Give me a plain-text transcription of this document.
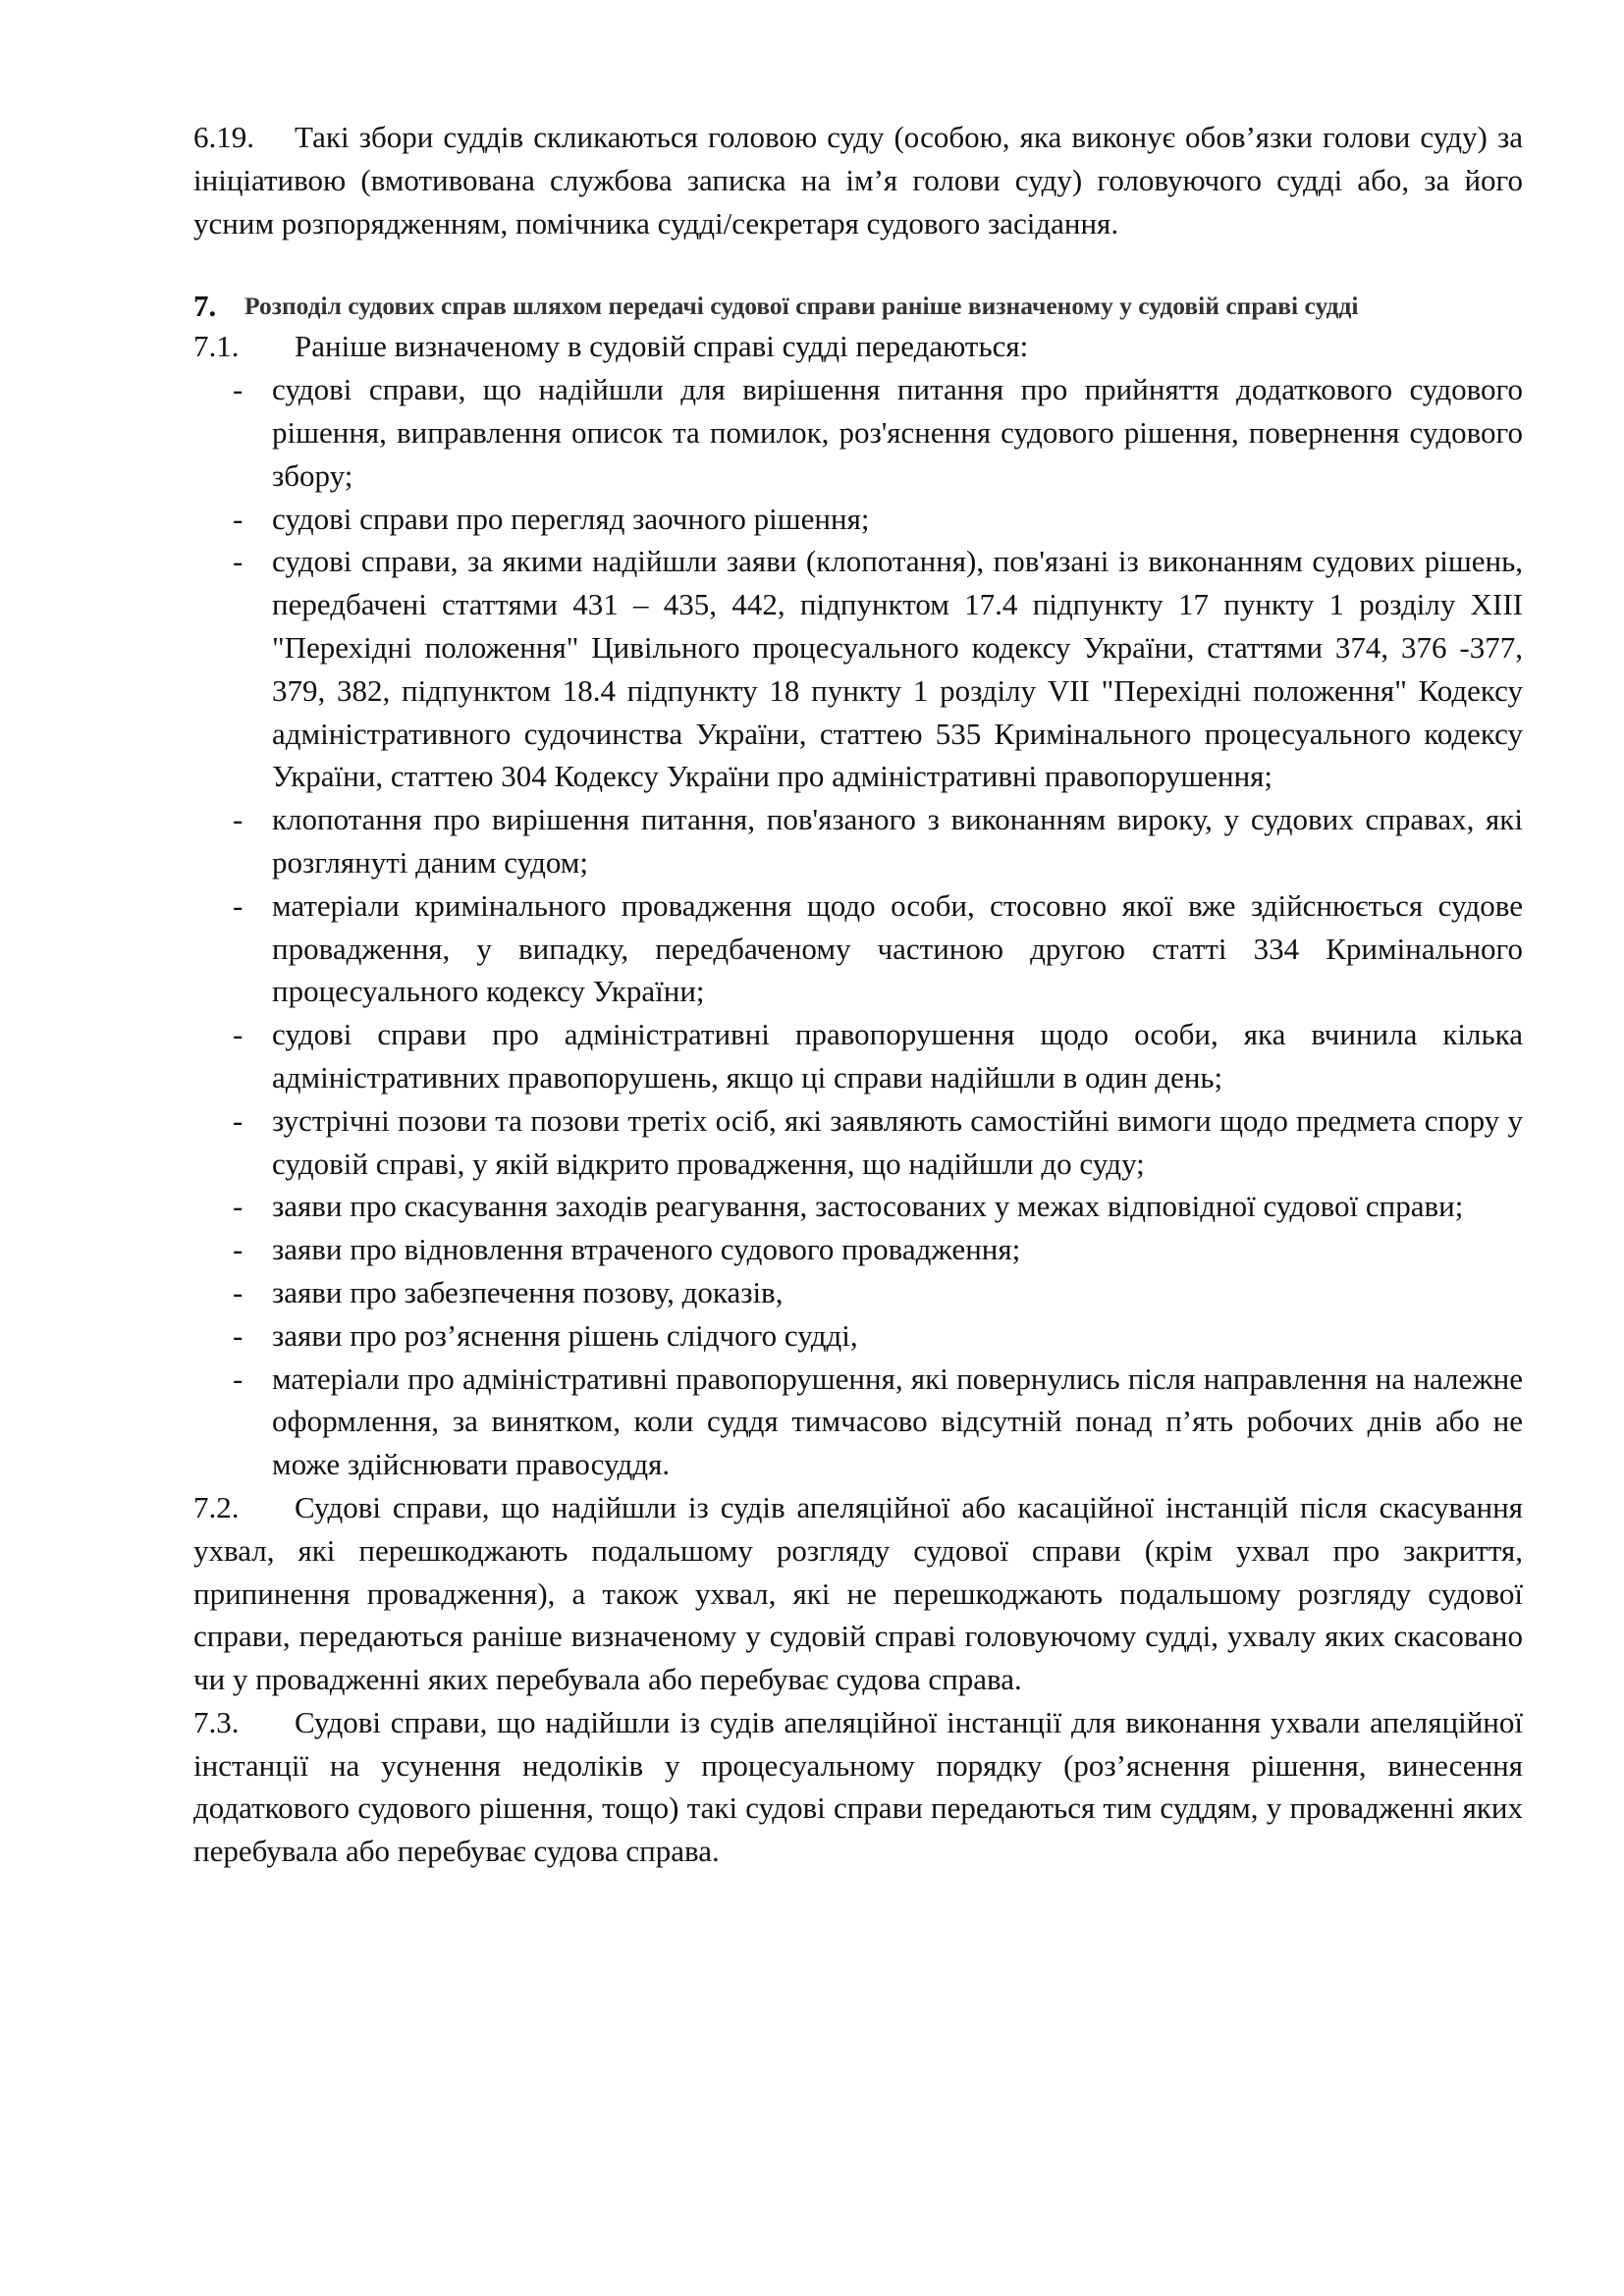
6.19. Такі збори суддів скликаються головою суду (особою, яка виконує обов’язки голови суду) за ініціативою (вмотивована службова записка на ім’я голови суду) головуючого судді або, за його усним розпорядженням, помічника судді/секретаря судового засідання.

7. Розподіл судових справ шляхом передачі судової справи раніше визначеному у судовій справі судді

7.1. Раніше визначеному в судовій справі судді передаються:

- судові справи, що надійшли для вирішення питання про прийняття додаткового судового рішення, виправлення описок та помилок, роз'яснення судового рішення, повернення судового збору;
- судові справи про перегляд заочного рішення;
- судові справи, за якими надійшли заяви (клопотання), пов'язані із виконанням судових рішень, передбачені статтями 431 – 435, 442, підпунктом 17.4 підпункту 17 пункту 1 розділу XIII "Перехідні положення" Цивільного процесуального кодексу України, статтями 374, 376 -377, 379, 382, підпунктом 18.4 підпункту 18 пункту 1 розділу VII "Перехідні положення" Кодексу адміністративного судочинства України, статтею 535 Кримінального процесуального кодексу України, статтею 304 Кодексу України про адміністративні правопорушення;
- клопотання про вирішення питання, пов'язаного з виконанням вироку, у судових справах, які розглянуті даним судом;
- матеріали кримінального провадження щодо особи, стосовно якої вже здійснюється судове провадження, у випадку, передбаченому частиною другою статті 334 Кримінального процесуального кодексу України;
- судові справи про адміністративні правопорушення щодо особи, яка вчинила кілька адміністративних правопорушень, якщо ці справи надійшли в один день;
- зустрічні позови та позови третіх осіб, які заявляють самостійні вимоги щодо предмета спору у судовій справі, у якій відкрито провадження, що надійшли до суду;
- заяви про скасування заходів реагування, застосованих у межах відповідної судової справи;
- заяви про відновлення втраченого судового провадження;
- заяви про забезпечення позову, доказів,
- заяви про роз’яснення рішень слідчого судді,
- матеріали про адміністративні правопорушення, які повернулись після направлення на належне оформлення, за винятком, коли суддя тимчасово відсутній понад п’ять робочих днів або не може здійснювати правосуддя.

7.2. Судові справи, що надійшли із судів апеляційної або касаційної інстанцій після скасування ухвал, які перешкоджають подальшому розгляду судової справи (крім ухвал про закриття, припинення провадження), а також ухвал, які не перешкоджають подальшому розгляду судової справи, передаються раніше визначеному у судовій справі головуючому судді, ухвалу яких скасовано чи у провадженні яких перебувала або перебуває судова справа.

7.3. Судові справи, що надійшли із судів апеляційної інстанції для виконання ухвали апеляційної інстанції на усунення недоліків у процесуальному порядку (роз’яснення рішення, винесення додаткового судового рішення, тощо) такі судові справи передаються тим суддям, у провадженні яких перебувала або перебуває судова справа.
